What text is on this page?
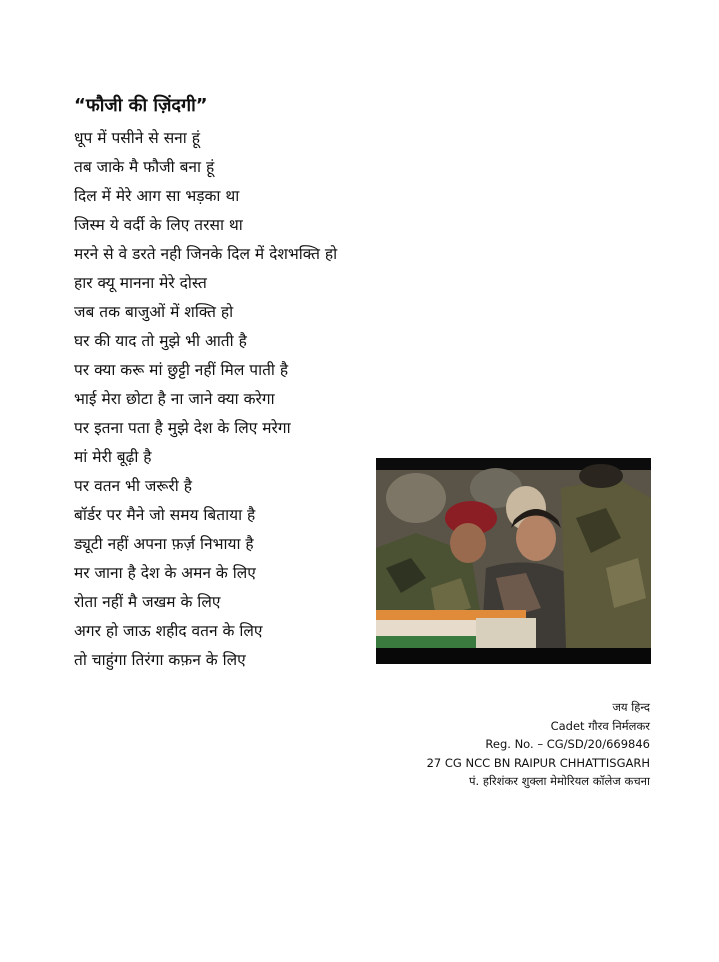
“फौजी की ज़िंदगी”
धूप में पसीने से सना हूं
तब जाके मै फौजी बना हूं
दिल में मेरे आग सा भड़का था
जिस्म ये वर्दी के लिए तरसा था
मरने से वे डरते नही जिनके दिल में देशभक्ति हो
हार क्यू मानना मेरे दोस्त
जब तक बाजुओं में शक्ति हो
घर की याद तो मुझे भी आती है
पर क्या करू मां छुट्टी नहीं मिल पाती है
भाई मेरा छोटा है ना जाने क्या करेगा
पर इतना पता है मुझे देश के लिए मरेगा
मां मेरी बूढ़ी है
पर वतन भी जरूरी है
बॉर्डर पर मैने जो समय बिताया है
ड्यूटी नहीं अपना फ़र्ज़ निभाया है
मर जाना है देश के अमन के लिए
रोता नहीं मै जखम के लिए
अगर हो जाऊ शहीद वतन के लिए
तो चाहुंगा तिरंगा कफ़न के लिए
जय हिन्द
Cadet गौरव निर्मलकर
Reg. No. – CG/SD/20/669846
27 CG NCC BN RAIPUR CHHATTISGARH
पं. हरिशंकर शुक्ला मेमोरियल कॉलेज कचना
